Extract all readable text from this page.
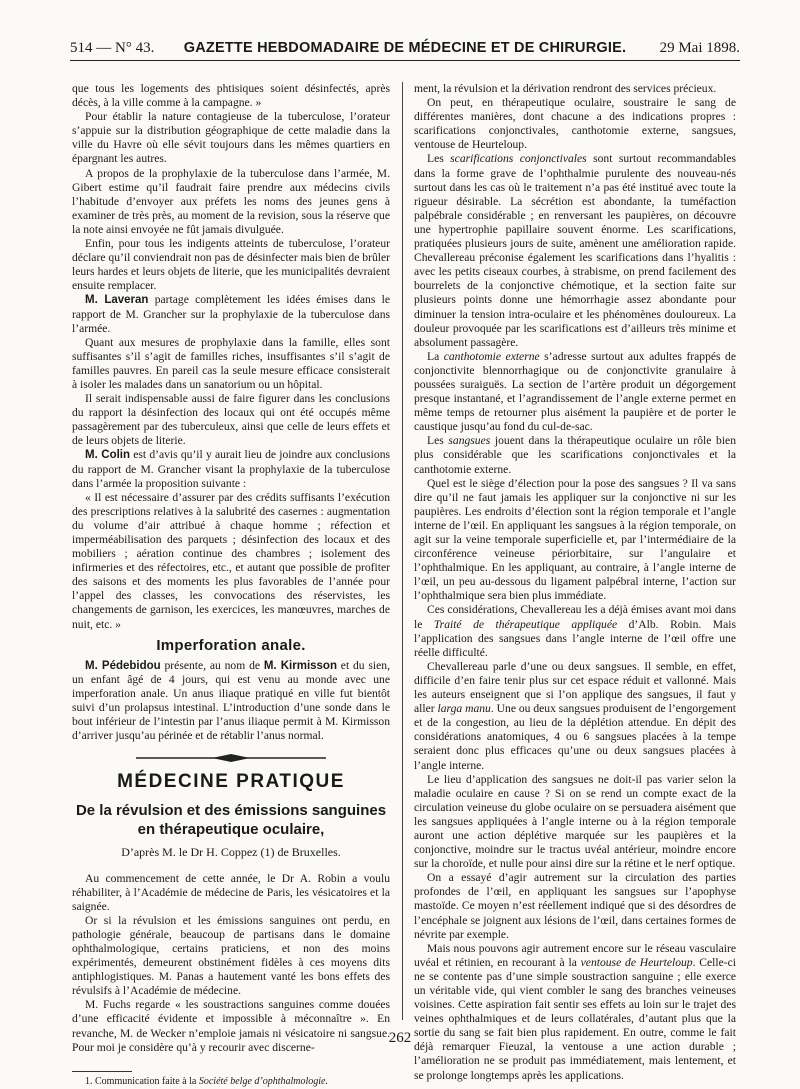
514 — N° 43.	GAZETTE HEBDOMADAIRE DE MÉDECINE ET DE CHIRURGIE.	29 Mai 1898.

que tous les logements des phtisiques soient désinfectés, après décès, à la ville comme à la campagne. »

Pour établir la nature contagieuse de la tuberculose, l’orateur s’appuie sur la distribution géographique de cette maladie dans la ville du Havre où elle sévit toujours dans les mêmes quartiers en épargnant les autres.

A propos de la prophylaxie de la tuberculose dans l’armée, M. Gibert estime qu’il faudrait faire prendre aux médecins civils l’habitude d’envoyer aux préfets les noms des jeunes gens à examiner de très près, au moment de la revision, sous la réserve que la note ainsi envoyée ne fût jamais divulguée.

Enfin, pour tous les indigents atteints de tuberculose, l’orateur déclare qu’il conviendrait non pas de désinfecter mais bien de brûler leurs hardes et leurs objets de literie, que les municipalités devraient ensuite remplacer.

M. Laveran partage complètement les idées émises dans le rapport de M. Grancher sur la prophylaxie de la tuberculose dans l’armée.

Quant aux mesures de prophylaxie dans la famille, elles sont suffisantes s’il s’agit de familles riches, insuffisantes s’il s’agit de familles pauvres. En pareil cas la seule mesure efficace consisterait à isoler les malades dans un sanatorium ou un hôpital.

Il serait indispensable aussi de faire figurer dans les conclusions du rapport la désinfection des locaux qui ont été occupés même passagèrement par des tuberculeux, ainsi que celle de leurs effets et de leurs objets de literie.

M. Colin est d’avis qu’il y aurait lieu de joindre aux conclusions du rapport de M. Grancher visant la prophylaxie de la tuberculose dans l’armée la proposition suivante :

« Il est nécessaire d’assurer par des crédits suffisants l’exécution des prescriptions relatives à la salubrité des casernes : augmentation du volume d’air attribué à chaque homme ; réfection et imperméabilisation des parquets ; désinfection des locaux et des mobiliers ; aération continue des chambres ; isolement des infirmeries et des réfectoires, etc., et autant que possible de profiter des saisons et des moments les plus favorables de l’année pour l’appel des classes, les convocations des réservistes, les changements de garnison, les exercices, les manœuvres, marches de nuit, etc. »

Imperforation anale.

M. Pédebidou présente, au nom de M. Kirmisson et du sien, un enfant âgé de 4 jours, qui est venu au monde avec une imperforation anale. Un anus iliaque pratiqué en ville fut bientôt suivi d’un prolapsus intestinal. L’introduction d’une sonde dans le bout inférieur de l’intestin par l’anus iliaque permit à M. Kirmisson d’arriver jusqu’au périnée et de rétablir l’anus normal.

MÉDECINE PRATIQUE
De la révulsion et des émissions sanguines
en thérapeutique oculaire,
D’après M. le Dr H. Coppez (1) de Bruxelles.

Au commencement de cette année, le Dr A. Robin a voulu réhabiliter, à l’Académie de médecine de Paris, les vésicatoires et la saignée.

Or si la révulsion et les émissions sanguines ont perdu, en pathologie générale, beaucoup de partisans dans le domaine ophthalmologique, certains praticiens, et non des moins expérimentés, demeurent obstinément fidèles à ces moyens dits antiphlogistiques. M. Panas a hautement vanté les bons effets des révulsifs à l’Académie de médecine.

M. Fuchs regarde « les soustractions sanguines comme douées d’une efficacité évidente et impossible à méconnaître ». En revanche, M. de Wecker n’emploie jamais ni vésicatoire ni sangsue. Pour moi je considère qu’à y recourir avec discerne-

1. Communication faite à la Société belge d’ophthalmologie.

ment, la révulsion et la dérivation rendront des services précieux.

On peut, en thérapeutique oculaire, soustraire le sang de différentes manières, dont chacune a des indications propres : scarifications conjonctivales, canthotomie externe, sangsues, ventouse de Heurteloup.

Les scarifications conjonctivales sont surtout recommandables dans la forme grave de l’ophthalmie purulente des nouveau-nés surtout dans les cas où le traitement n’a pas été institué avec toute la rigueur désirable. La sécrétion est abondante, la tuméfaction palpébrale considérable ; en renversant les paupières, on découvre une hypertrophie papillaire souvent énorme. Les scarifications, pratiquées plusieurs jours de suite, amènent une amélioration rapide. Chevallereau préconise également les scarifications dans l’hyalitis : avec les petits ciseaux courbes, à strabisme, on prend facilement des bourrelets de la conjonctive chémotique, et la section faite sur plusieurs points donne une hémorrhagie assez abondante pour diminuer la tension intra-oculaire et les phénomènes douloureux. La douleur provoquée par les scarifications est d’ailleurs très minime et absolument passagère.

La canthotomie externe s’adresse surtout aux adultes frappés de conjonctivite blennorrhagique ou de conjonctivite granulaire à poussées suraiguës. La section de l’artère produit un dégorgement presque instantané, et l’agrandissement de l’angle externe permet en même temps de retourner plus aisément la paupière et de porter le caustique jusqu’au fond du cul-de-sac.

Les sangsues jouent dans la thérapeutique oculaire un rôle bien plus considérable que les scarifications conjonctivales et la canthotomie externe.

Quel est le siège d’élection pour la pose des sangsues ? Il va sans dire qu’il ne faut jamais les appliquer sur la conjonctive ni sur les paupières. Les endroits d’élection sont la région temporale et l’angle interne de l’œil. En appliquant les sangsues à la région temporale, on agit sur la veine temporale superficielle et, par l’intermédiaire de la circonférence veineuse périorbitaire, sur l’angulaire et l’ophthalmique. En les appliquant, au contraire, à l’angle interne de l’œil, un peu au-dessous du ligament palpébral interne, l’action sur l’ophthalmique sera bien plus immédiate.

Ces considérations, Chevallereau les a déjà émises avant moi dans le Traité de thérapeutique appliquée d’Alb. Robin. Mais l’application des sangsues dans l’angle interne de l’œil offre une réelle difficulté.

Chevallereau parle d’une ou deux sangsues. Il semble, en effet, difficile d’en faire tenir plus sur cet espace réduit et vallonné. Mais les auteurs enseignent que si l’on applique des sangsues, il faut y aller larga manu. Une ou deux sangsues produisent de l’engorgement et de la congestion, au lieu de la déplétion attendue. En dépit des considérations anatomiques, 4 ou 6 sangsues placées à la tempe seraient donc plus efficaces qu’une ou deux sangsues placées à l’angle interne.

Le lieu d’application des sangsues ne doit-il pas varier selon la maladie oculaire en cause ? Si on se rend un compte exact de la circulation veineuse du globe oculaire on se persuadera aisément que les sangsues appliquées à l’angle interne ou à la région temporale auront une action déplétive marquée sur les paupières et la conjonctive, moindre sur le tractus uvéal antérieur, moindre encore sur la choroïde, et nulle pour ainsi dire sur la rétine et le nerf optique.

On a essayé d’agir autrement sur la circulation des parties profondes de l’œil, en appliquant les sangsues sur l’apophyse mastoïde. Ce moyen n’est réellement indiqué que si des désordres de l’encéphale se joignent aux lésions de l’œil, dans certaines formes de névrite par exemple.

Mais nous pouvons agir autrement encore sur le réseau vasculaire uvéal et rétinien, en recourant à la ventouse de Heurteloup. Celle-ci ne se contente pas d’une simple soustraction sanguine ; elle exerce un véritable vide, qui vient combler le sang des branches veineuses voisines. Cette aspiration fait sentir ses effets au loin sur le trajet des veines ophthalmiques et de leurs collatérales, d’autant plus que la sortie du sang se fait bien plus rapidement. En outre, comme le fait déjà remarquer Fieuzal, la ventouse a une action durable ; l’amélioration ne se produit pas immédiatement, mais lentement, et se prolonge longtemps après les applications.

262
